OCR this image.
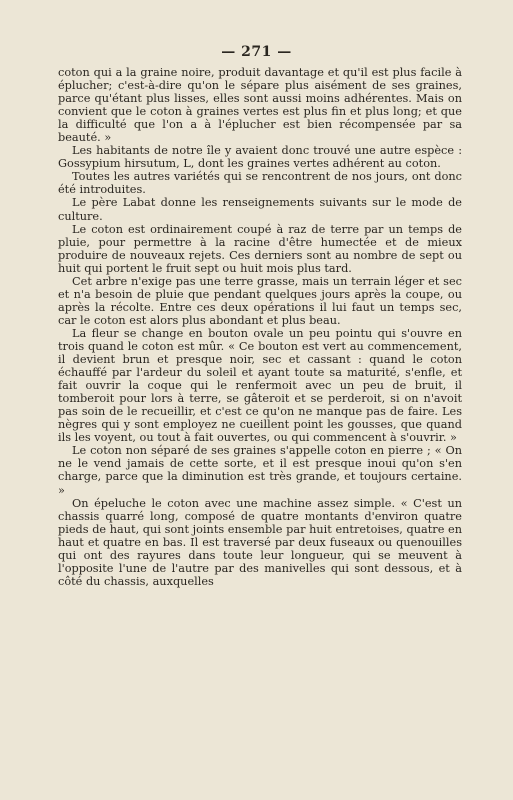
— 271 —

coton qui a la graine noire, produit davantage et qu'il est plus facile à éplucher; c'est-à-dire qu'on le sépare plus aisément de ses graines, parce qu'étant plus lisses, elles sont aussi moins adhérentes. Mais on convient que le coton à graines vertes est plus fin et plus long; et que la difficulté que l'on a à l'éplucher est bien récompensée par sa beauté. »

Les habitants de notre île y avaient donc trouvé une autre espèce : Gossypium hirsutum, L, dont les graines vertes adhérent au coton.

Toutes les autres variétés qui se rencontrent de nos jours, ont donc été introduites.

Le père Labat donne les renseignements suivants sur le mode de culture.

Le coton est ordinairement coupé à raz de terre par un temps de pluie, pour permettre à la racine d'être humectée et de mieux produire de nouveaux rejets. Ces derniers sont au nombre de sept ou huit qui portent le fruit sept ou huit mois plus tard.

Cet arbre n'exige pas une terre grasse, mais un terrain léger et sec et n'a besoin de pluie que pendant quelques jours après la coupe, ou après la récolte. Entre ces deux opérations il lui faut un temps sec, car le coton est alors plus abondant et plus beau.

La fleur se change en bouton ovale un peu pointu qui s'ouvre en trois quand le coton est mûr. « Ce bouton est vert au commencement, il devient brun et presque noir, sec et cassant : quand le coton échauffé par l'ardeur du soleil et ayant toute sa maturité, s'enfle, et fait ouvrir la coque qui le renfermoit avec un peu de bruit, il tomberoit pour lors à terre, se gâteroit et se perderoit, si on n'avoit pas soin de le recueillir, et c'est ce qu'on ne manque pas de faire. Les nègres qui y sont employez ne cueillent point les gousses, que quand ils les voyent, ou tout à fait ouvertes, ou qui commencent à s'ouvrir. »

Le coton non séparé de ses graines s'appelle coton en pierre ; « On ne le vend jamais de cette sorte, et il est presque inoui qu'on s'en charge, parce que la diminution est très grande, et toujours certaine. »

On épeluche le coton avec une machine assez simple. « C'est un chassis quarré long, composé de quatre montants d'environ quatre pieds de haut, qui sont joints ensemble par huit entretoises, quatre en haut et quatre en bas. Il est traversé par deux fuseaux ou quenouilles qui ont des rayures dans toute leur longueur, qui se meuvent à l'opposite l'une de l'autre par des manivelles qui sont dessous, et à côté du chassis, auxquelles
